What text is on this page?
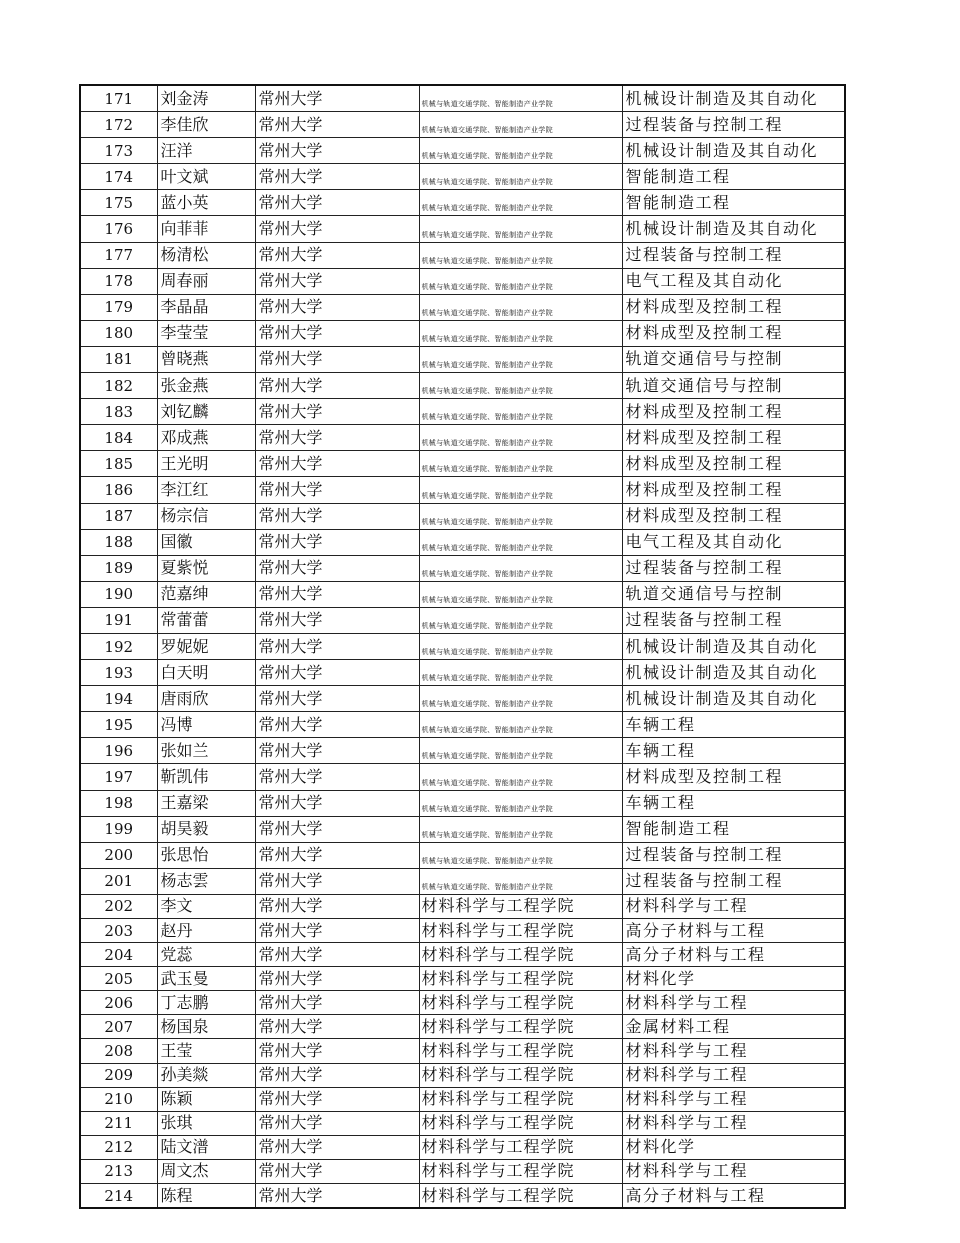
171	刘金涛	常州大学	机械与轨道交通学院、智能制造产业学院	机械设计制造及其自动化
172	李佳欣	常州大学	机械与轨道交通学院、智能制造产业学院	过程装备与控制工程
173	汪洋	常州大学	机械与轨道交通学院、智能制造产业学院	机械设计制造及其自动化
174	叶文斌	常州大学	机械与轨道交通学院、智能制造产业学院	智能制造工程
175	蓝小英	常州大学	机械与轨道交通学院、智能制造产业学院	智能制造工程
176	向菲菲	常州大学	机械与轨道交通学院、智能制造产业学院	机械设计制造及其自动化
177	杨清松	常州大学	机械与轨道交通学院、智能制造产业学院	过程装备与控制工程
178	周春丽	常州大学	机械与轨道交通学院、智能制造产业学院	电气工程及其自动化
179	李晶晶	常州大学	机械与轨道交通学院、智能制造产业学院	材料成型及控制工程
180	李莹莹	常州大学	机械与轨道交通学院、智能制造产业学院	材料成型及控制工程
181	曾晓燕	常州大学	机械与轨道交通学院、智能制造产业学院	轨道交通信号与控制
182	张金燕	常州大学	机械与轨道交通学院、智能制造产业学院	轨道交通信号与控制
183	刘钇麟	常州大学	机械与轨道交通学院、智能制造产业学院	材料成型及控制工程
184	邓成燕	常州大学	机械与轨道交通学院、智能制造产业学院	材料成型及控制工程
185	王光明	常州大学	机械与轨道交通学院、智能制造产业学院	材料成型及控制工程
186	李江红	常州大学	机械与轨道交通学院、智能制造产业学院	材料成型及控制工程
187	杨宗信	常州大学	机械与轨道交通学院、智能制造产业学院	材料成型及控制工程
188	国徽	常州大学	机械与轨道交通学院、智能制造产业学院	电气工程及其自动化
189	夏紫悦	常州大学	机械与轨道交通学院、智能制造产业学院	过程装备与控制工程
190	范嘉绅	常州大学	机械与轨道交通学院、智能制造产业学院	轨道交通信号与控制
191	常蕾蕾	常州大学	机械与轨道交通学院、智能制造产业学院	过程装备与控制工程
192	罗妮妮	常州大学	机械与轨道交通学院、智能制造产业学院	机械设计制造及其自动化
193	白天明	常州大学	机械与轨道交通学院、智能制造产业学院	机械设计制造及其自动化
194	唐雨欣	常州大学	机械与轨道交通学院、智能制造产业学院	机械设计制造及其自动化
195	冯博	常州大学	机械与轨道交通学院、智能制造产业学院	车辆工程
196	张如兰	常州大学	机械与轨道交通学院、智能制造产业学院	车辆工程
197	靳凯伟	常州大学	机械与轨道交通学院、智能制造产业学院	材料成型及控制工程
198	王嘉梁	常州大学	机械与轨道交通学院、智能制造产业学院	车辆工程
199	胡昊毅	常州大学	机械与轨道交通学院、智能制造产业学院	智能制造工程
200	张思怡	常州大学	机械与轨道交通学院、智能制造产业学院	过程装备与控制工程
201	杨志雲	常州大学	机械与轨道交通学院、智能制造产业学院	过程装备与控制工程
202	李文	常州大学	材料科学与工程学院	材料科学与工程
203	赵丹	常州大学	材料科学与工程学院	高分子材料与工程
204	党蕊	常州大学	材料科学与工程学院	高分子材料与工程
205	武玉曼	常州大学	材料科学与工程学院	材料化学
206	丁志鹏	常州大学	材料科学与工程学院	材料科学与工程
207	杨国泉	常州大学	材料科学与工程学院	金属材料工程
208	王莹	常州大学	材料科学与工程学院	材料科学与工程
209	孙美燚	常州大学	材料科学与工程学院	材料科学与工程
210	陈颖	常州大学	材料科学与工程学院	材料科学与工程
211	张琪	常州大学	材料科学与工程学院	材料科学与工程
212	陆文潽	常州大学	材料科学与工程学院	材料化学
213	周文杰	常州大学	材料科学与工程学院	材料科学与工程
214	陈程	常州大学	材料科学与工程学院	高分子材料与工程
